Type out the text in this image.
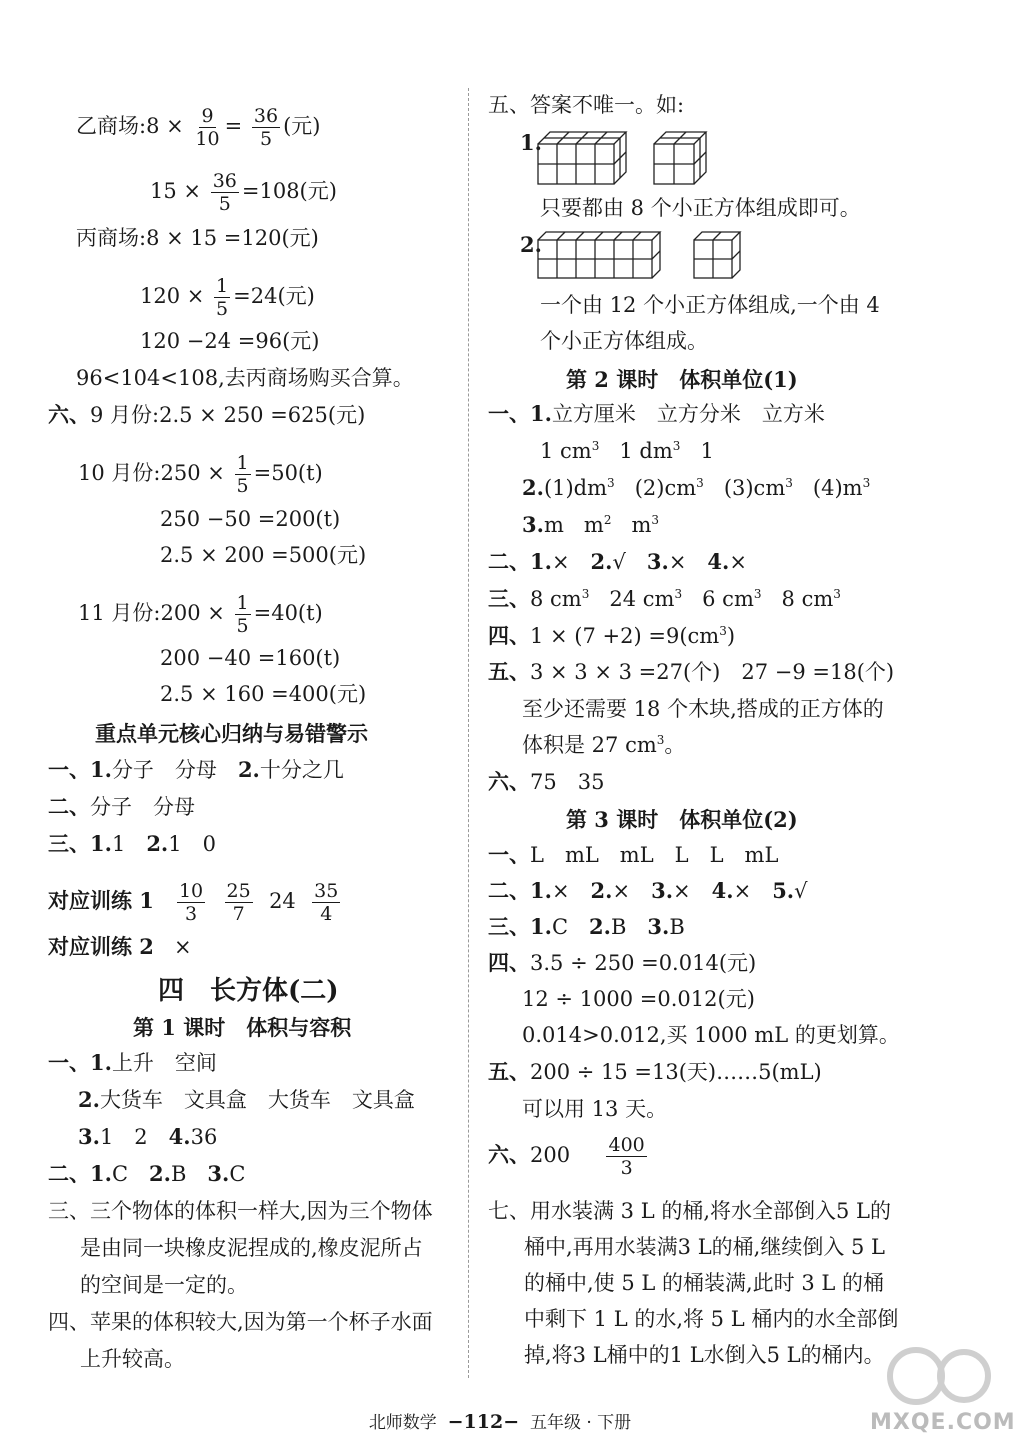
乙商场:8 × $\frac{9}{10} = \frac{36}{5}$ (元)
$15 \times \frac{36}{5} =108$(元)
丙商场:8 × 15 =120(元)
$120 \times \frac{1}{5} =24$(元)
120 −24 =96(元)
96<104<108,去丙商场购买合算。
六、9 月份:2.5 × 250 =625(元)
10 月份:250 × $\frac{1}{5} =50(t)$
250 −50 =200(t)
2.5 × 200 =500(元)
11 月份:200 × $\frac{1}{5} =40(t)$
200 −40 =160(t)
2.5 × 160 =400(元)
重点单元核心归纳与易错警示
一、1.分子　分母　2.十分之几
二、分子　分母
三、1.1　2.1　0
对应训练 $1 \frac{10}{3}$
$\frac{25}{7} 24 \frac{35}{4}$
对应训练 2 ×
四　长方体(二)
第 1 课时　体积与容积
一、1.上升　空间
2.大货车　文具盒　大货车　文具盒
3.1　2　4.36
二、1.C　2.B　3.C
三、三个物体的体积一样大,因为三个物体
是由同一块橡皮泥捏成的,橡皮泥所占
的空间是一定的。
四、苹果的体积较大,因为第一个杯子水面
上升较高。
五、答案不唯一。如:
1.
只要都由 8 个小正方体组成即可。
2.
一个由 12 个小正方体组成,一个由 4
个小正方体组成。
第 2 课时　体积单位(1)
一、1.立方厘米　立方分米　立方米
1 $cm^3$ 1 $dm^3$ 1
$2.(1)dm^3$ $(2)cm^3$ $(3)cm^3$ $(4)m^3$
3.m $m^2$ $m^3$
二、1.×　2.√　3.×　4.×
三、8 $cm^3$ 24 $cm^3$ 6 $cm^3$ 8 $cm^3$
四、$1 \times (7 +2) =9(cm^3)$
五、3 × 3 × 3 =27(个)　27 −9 =18(个)
至少还需要 18 个木块,搭成的正方体的
体积是 27 $cm^3$。
六、75　35
第 3 课时　体积单位(2)
一、L　mL　mL　L　L　mL
二、1.×　2.×　3.×　4.×　5.√
三、1.C　2.B　3.B
四、3.5 ÷ 250 =0.014(元)
12 ÷ 1000 =0.012(元)
0.014>0.012,买 1000 mL 的更划算。
五、200 ÷ 15 =13(天)……5(mL)
可以用 13 天。
六、$200 \frac{400}{3}$
七、用水装满 3 L 的桶,将水全部倒入5 L的
桶中,再用水装满3 L的桶,继续倒入 5 L
的桶中,使 5 L 的桶装满,此时 3 L 的桶
中剩下 1 L 的水,将 5 L 桶内的水全部倒
掉,将3 L桶中的1 L水倒入5 L的桶内。
北师数学 −112− 五年级 · 下册	MXQE.COM
